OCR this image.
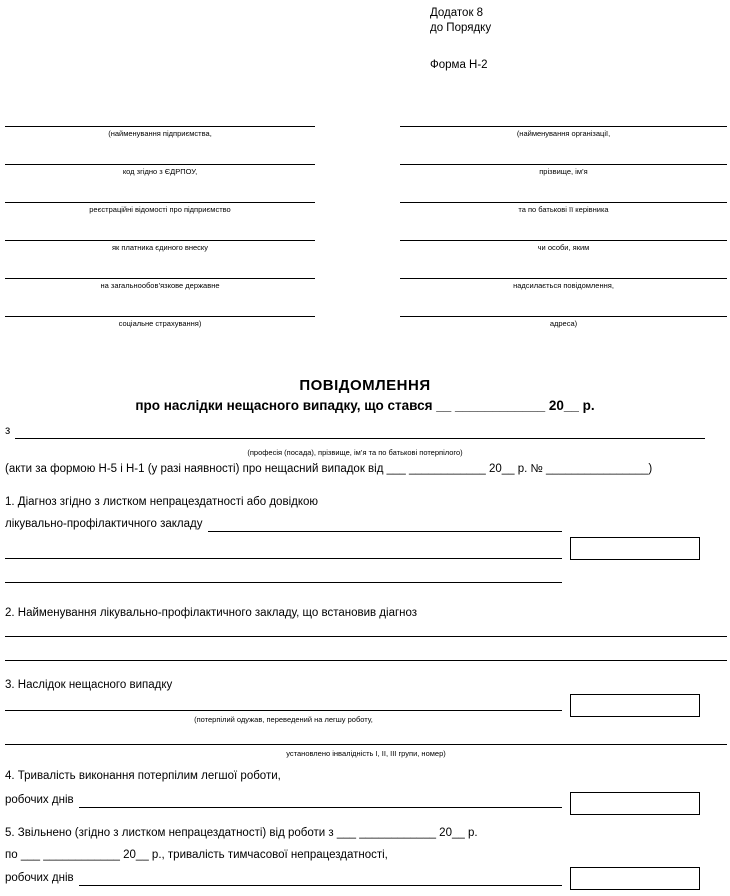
Додаток 8
до Порядку
Форма Н-2
(найменування підприємства,
код згідно з ЄДРПОУ,
реєстраційні відомості про підприємство
як платника єдиного внеску
на загальнообов’язкове державне
соціальне страхування)
(найменування організації,
прізвище, ім’я
та по батькові її керівника
чи особи, яким
надсилається повідомлення,
адреса)
ПОВІДОМЛЕННЯ
про наслідки нещасного випадку, що стався __ ____________ 20__ р.
з
(професія (посада), прізвище, ім’я та по батькові потерпілого)
(акти за формою Н-5 і Н-1 (у разі наявності) про нещасний випадок від ___ ____________ 20__ р. № ________________)
1. Діагноз згідно з листком непрацездатності або довідкою
лікувально-профілактичного закладу
2. Найменування лікувально-профілактичного закладу, що встановив діагноз
3. Наслідок нещасного випадку
(потерпілий одужав, переведений на легшу роботу,
установлено інвалідність I, II, III групи, номер)
4. Тривалість виконання потерпілим легшої роботи,
робочих днів
5. Звільнено (згідно з листком непрацездатності) від роботи з ___ ____________ 20__ р.
по ___ ____________ 20__ р., тривалість тимчасової непрацездатності,
робочих днів
